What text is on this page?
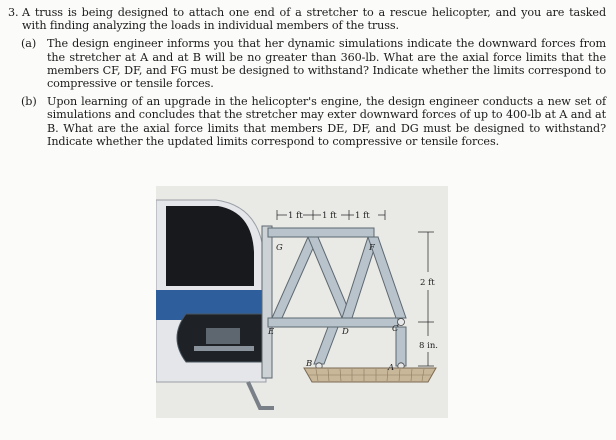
3. A truss is being designed to attach one end of a stretcher to a rescue helicopter, and you are tasked with finding analyzing the loads in individual members of the truss.
(a) The design engineer informs you that her dynamic simulations indicate the downward forces from the stretcher at A and at B will be no greater than 360-lb. What are the axial force limits that the members CF, DF, and FG must be designed to withstand? Indicate whether the limits correspond to compressive or tensile forces.
(b) Upon learning of an upgrade in the helicopter's engine, the design engineer conducts a new set of simulations and concludes that the stretcher may exter downward forces of up to 400-lb at A and at B. What are the axial force limits that members DE, DF, and DG must be designed to withstand? Indicate whether the updated limits correspond to compressive or tensile forces.
1 ft 1 ft 1 ft
2 ft
8 in.
G	F
E	D	C
B	A
